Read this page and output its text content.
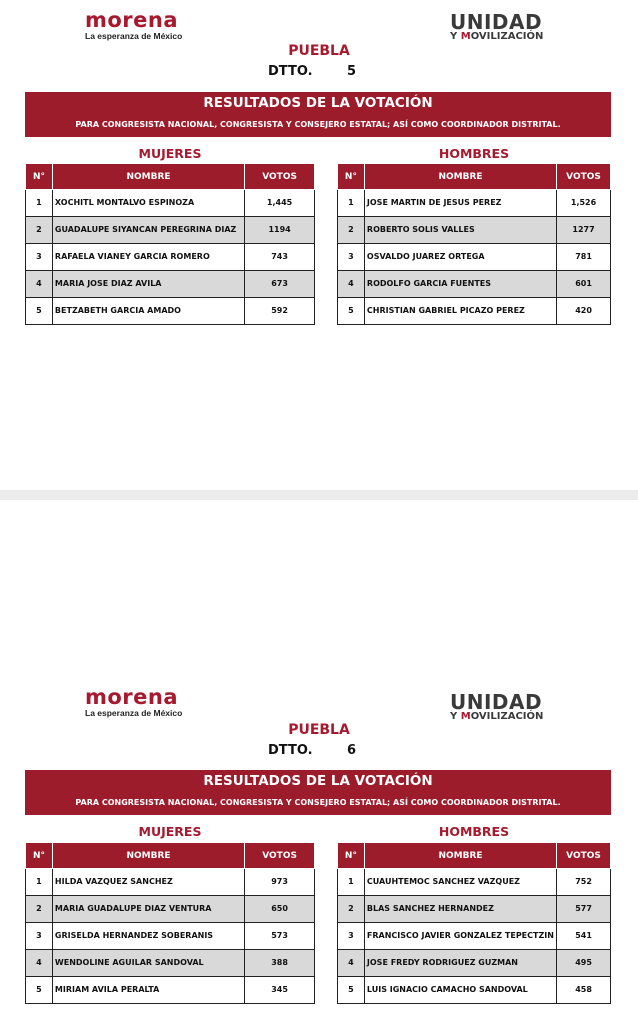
morena
La esperanza de México
UNIDAD
Y MOVILIZACIÓN
PUEBLA
DTTO.	5
RESULTADOS DE LA VOTACIÓN
PARA CONGRESISTA NACIONAL, CONGRESISTA Y CONSEJERO ESTATAL; ASÍ COMO COORDINADOR DISTRITAL.
MUJERES	HOMBRES
N°	NOMBRE	VOTOS
1	XOCHITL MONTALVO ESPINOZA	1,445
2	GUADALUPE SIYANCAN PEREGRINA DIAZ	1194
3	RAFAELA VIANEY GARCIA ROMERO	743
4	MARIA JOSE DIAZ AVILA	673
5	BETZABETH GARCIA AMADO	592
N°	NOMBRE	VOTOS
1	JOSE MARTIN DE JESUS PEREZ	1,526
2	ROBERTO SOLIS VALLES	1277
3	OSVALDO JUAREZ ORTEGA	781
4	RODOLFO GARCIA FUENTES	601
5	CHRISTIAN GABRIEL PICAZO PEREZ	420
morena
La esperanza de México	UNIDAD
Y MOVILIZACIÓN
PUEBLA
DTTO.	6
RESULTADOS DE LA VOTACIÓN
PARA CONGRESISTA NACIONAL, CONGRESISTA Y CONSEJERO ESTATAL; ASÍ COMO COORDINADOR DISTRITAL.
MUJERES	HOMBRES
N°	NOMBRE	VOTOS
1	HILDA VAZQUEZ SANCHEZ	973
2	MARIA GUADALUPE DIAZ VENTURA	650
3	GRISELDA HERNANDEZ SOBERANIS	573
4	WENDOLINE AGUILAR SANDOVAL	388
5	MIRIAM AVILA PERALTA	345
N°	NOMBRE	VOTOS
1	CUAUHTEMOC SANCHEZ VAZQUEZ	752
2	BLAS SANCHEZ HERNANDEZ	577
3	FRANCISCO JAVIER GONZALEZ TEPECTZIN	541
4	JOSE FREDY RODRIGUEZ GUZMAN	495
5	LUIS IGNACIO CAMACHO SANDOVAL	458
